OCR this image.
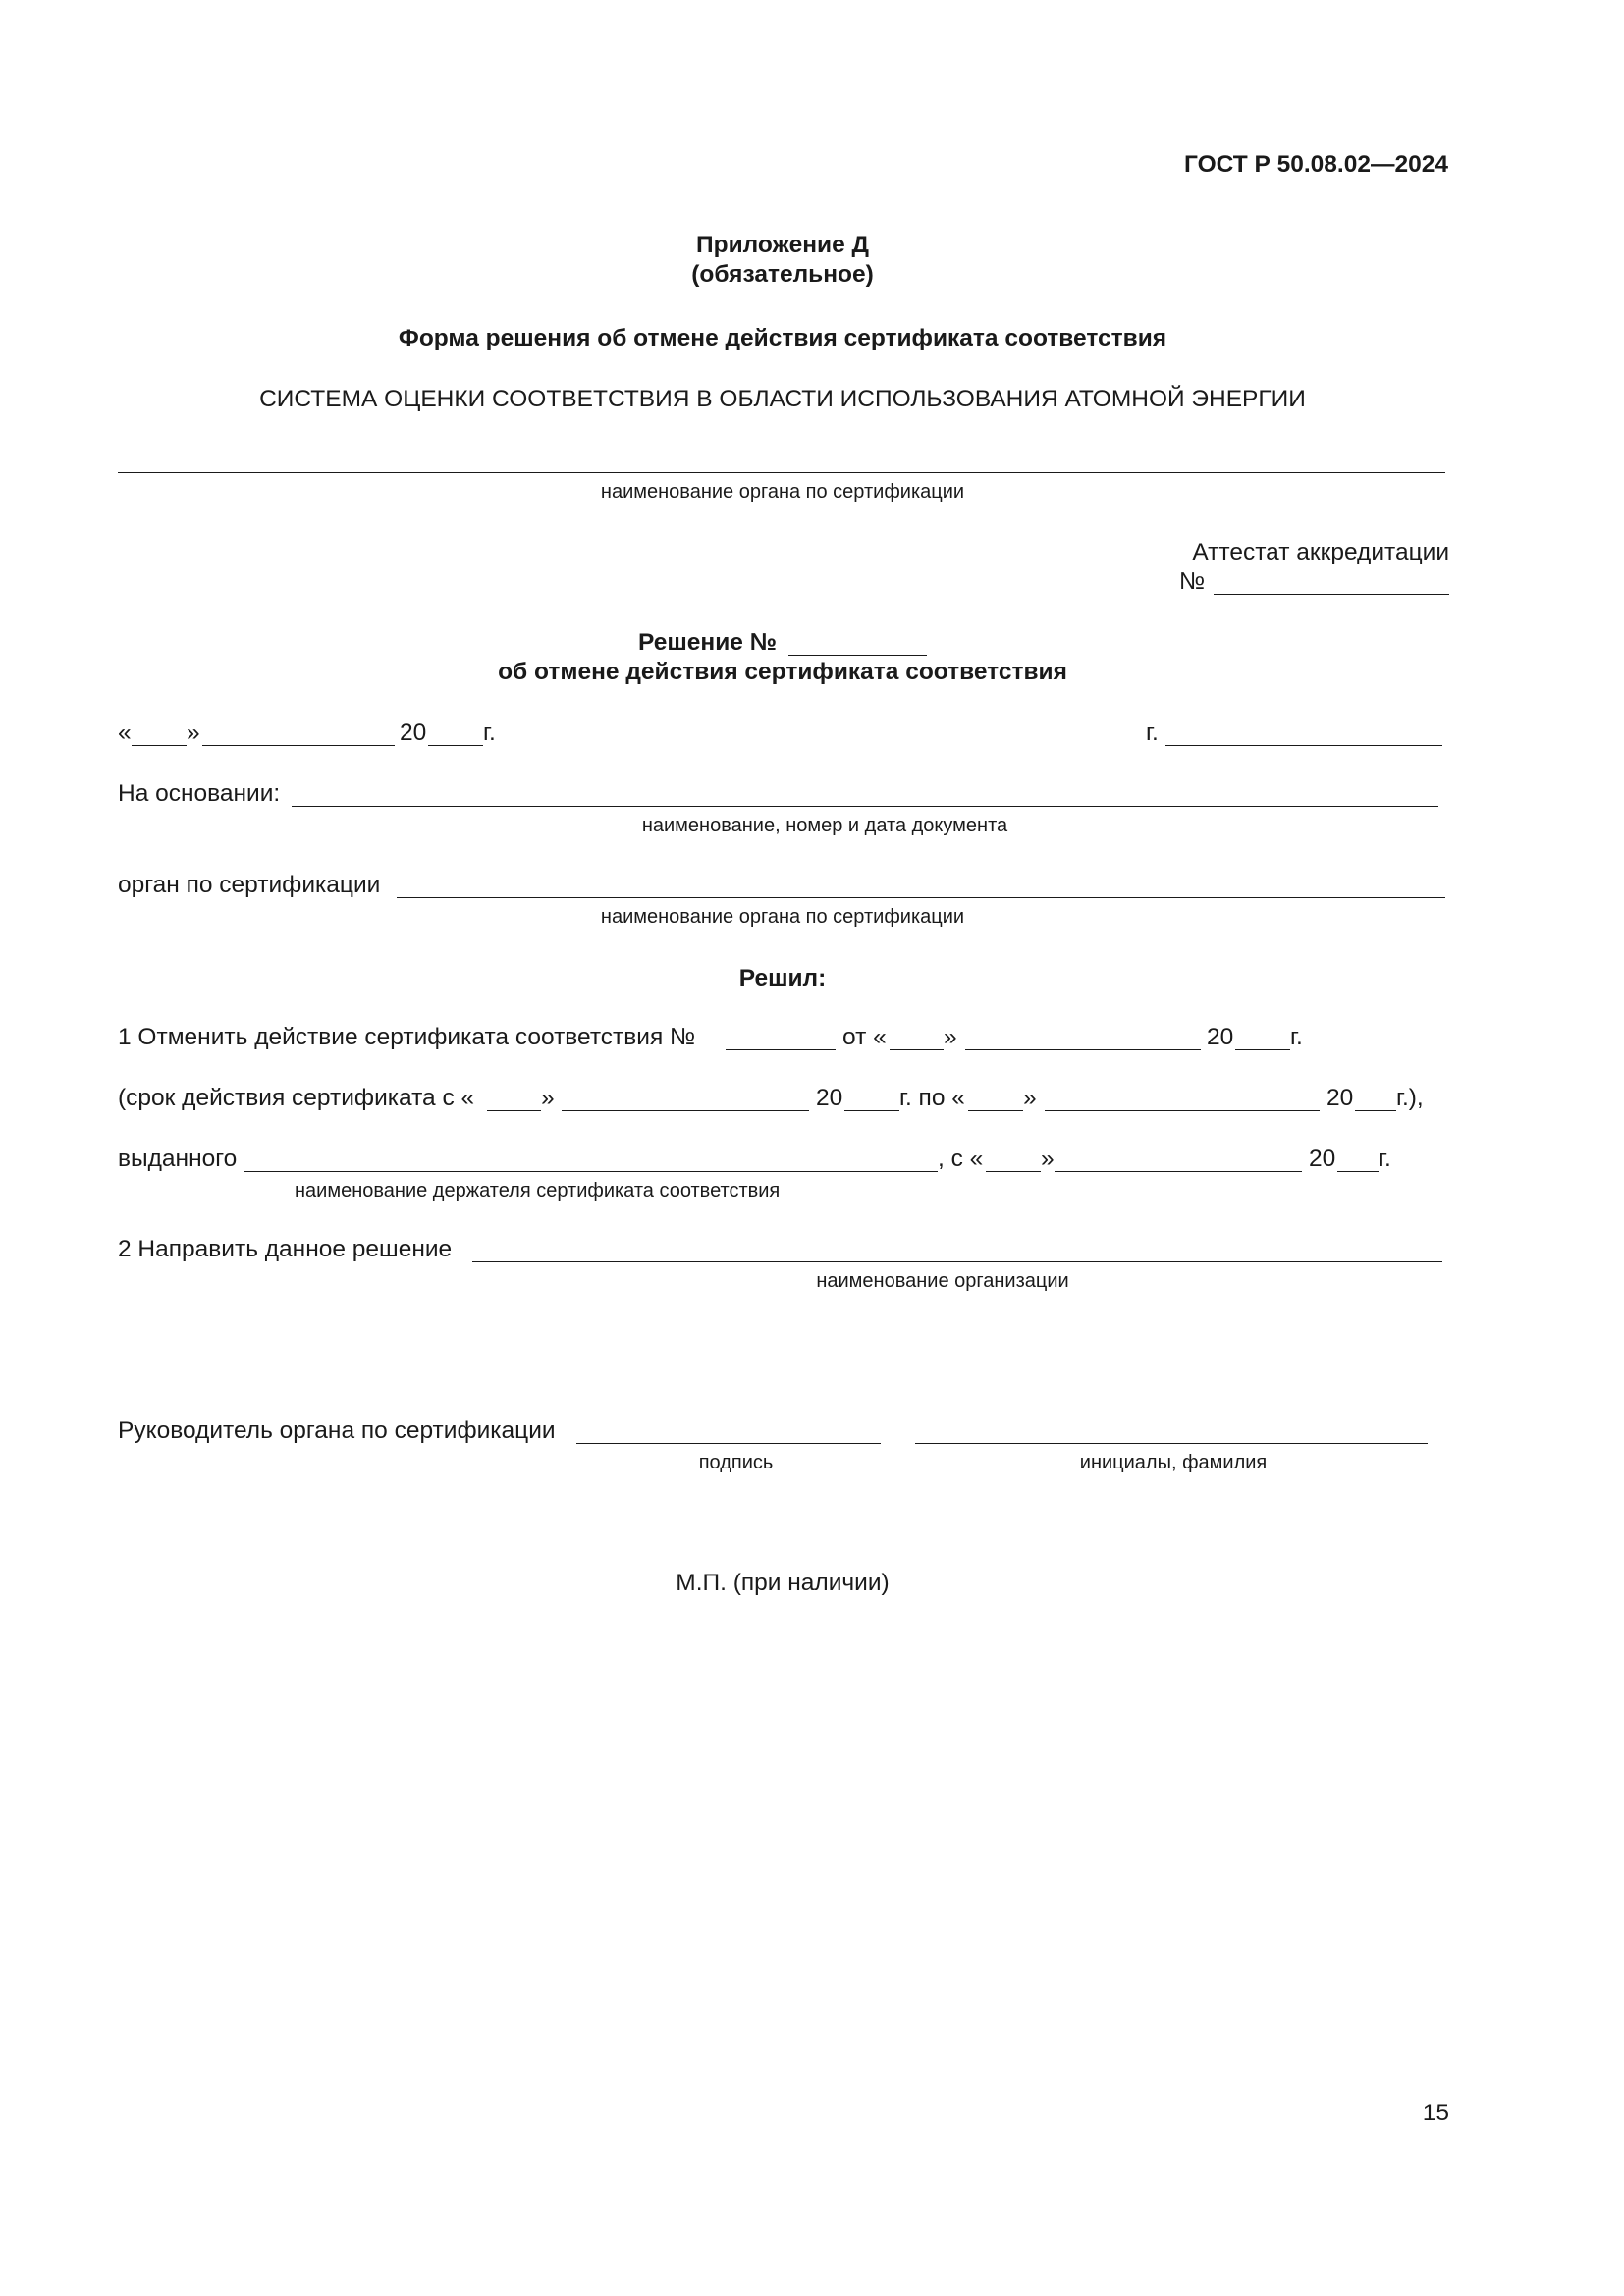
ГОСТ Р 50.08.02—2024
Приложение Д
(обязательное)
Форма решения об отмене действия сертификата соответствия
СИСТЕМА ОЦЕНКИ СООТВЕТСТВИЯ В ОБЛАСТИ ИСПОЛЬЗОВАНИЯ АТОМНОЙ ЭНЕРГИИ
наименование органа по сертификации
Аттестат аккредитации
№
Решение №
об отмене действия сертификата соответствия
« »	20 г.	г.
На основании:
наименование, номер и дата документа
орган по сертификации
наименование органа по сертификации
Решил:
1 Отменить действие сертификата соответствия №	от « »	20 г.
(срок действия сертификата с «	»	20 г. по « »	20 г.),
выданного	, с « »	20 г.
наименование держателя сертификата соответствия
2 Направить данное решение
наименование организации
Руководитель органа по сертификации
подпись	инициалы, фамилия
М.П. (при наличии)
15
